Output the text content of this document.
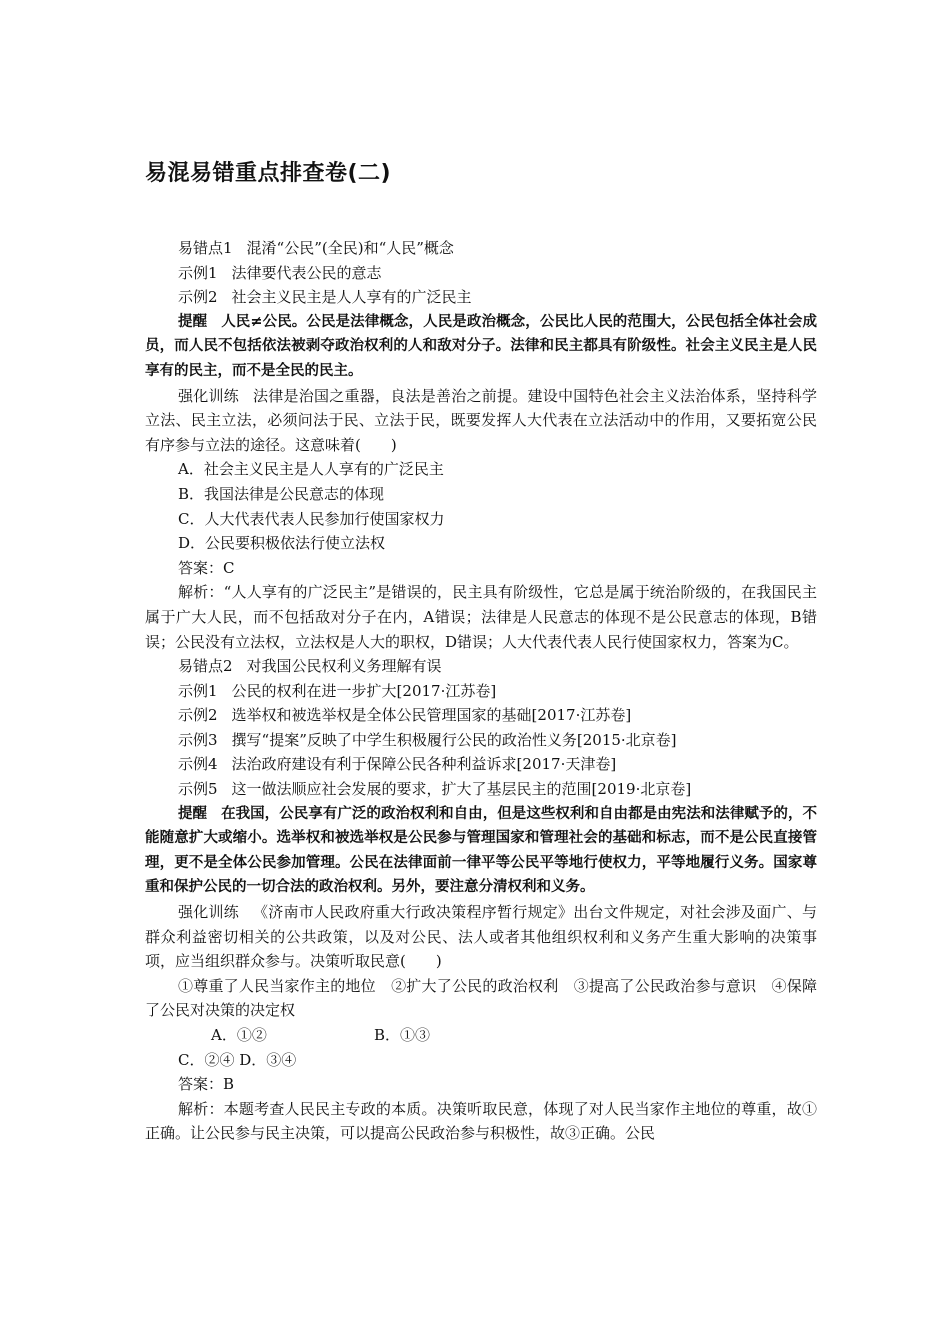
易混易错重点排查卷(二)

易错点1 混淆“公民”(全民)和“人民”概念

示例1 法律要代表公民的意志

示例2 社会主义民主是人人享有的广泛民主

提醒 人民≠公民。公民是法律概念，人民是政治概念，公民比人民的范围大，公民包括全体社会成员，而人民不包括依法被剥夺政治权利的人和敌对分子。法律和民主都具有阶级性。社会主义民主是人民享有的民主，而不是全民的民主。

强化训练 法律是治国之重器，良法是善治之前提。建设中国特色社会主义法治体系，坚持科学立法、民主立法，必须问法于民、立法于民，既要发挥人大代表在立法活动中的作用，又要拓宽公民有序参与立法的途径。这意味着(　　)

A．社会主义民主是人人享有的广泛民主

B．我国法律是公民意志的体现

C．人大代表代表人民参加行使国家权力

D．公民要积极依法行使立法权

答案：C

解析：“人人享有的广泛民主”是错误的，民主具有阶级性，它总是属于统治阶级的，在我国民主属于广大人民，而不包括敌对分子在内，A错误；法律是人民意志的体现不是公民意志的体现，B错误；公民没有立法权，立法权是人大的职权，D错误；人大代表代表人民行使国家权力，答案为C。

易错点2 对我国公民权利义务理解有误

示例1 公民的权利在进一步扩大[2017·江苏卷]

示例2 选举权和被选举权是全体公民管理国家的基础[2017·江苏卷]

示例3 撰写“提案”反映了中学生积极履行公民的政治性义务[2015·北京卷]

示例4 法治政府建设有利于保障公民各种利益诉求[2017·天津卷]

示例5 这一做法顺应社会发展的要求，扩大了基层民主的范围[2019·北京卷]

提醒 在我国，公民享有广泛的政治权利和自由，但是这些权利和自由都是由宪法和法律赋予的，不能随意扩大或缩小。选举权和被选举权是公民参与管理国家和管理社会的基础和标志，而不是公民直接管理，更不是全体公民参加管理。公民在法律面前一律平等公民平等地行使权力，平等地履行义务。国家尊重和保护公民的一切合法的政治权利。另外，要注意分清权利和义务。

强化训练 《济南市人民政府重大行政决策程序暂行规定》出台文件规定，对社会涉及面广、与群众利益密切相关的公共政策，以及对公民、法人或者其他组织权利和义务产生重大影响的决策事项，应当组织群众参与。决策听取民意(　　)

①尊重了人民当家作主的地位　②扩大了公民的政治权利　③提高了公民政治参与意识　④保障了公民对决策的决定权

A．①②	B．①③

C．②④ D．③④

答案：B

解析：本题考查人民民主专政的本质。决策听取民意，体现了对人民当家作主地位的尊重，故①正确。让公民参与民主决策，可以提高公民政治参与积极性，故③正确。公民
